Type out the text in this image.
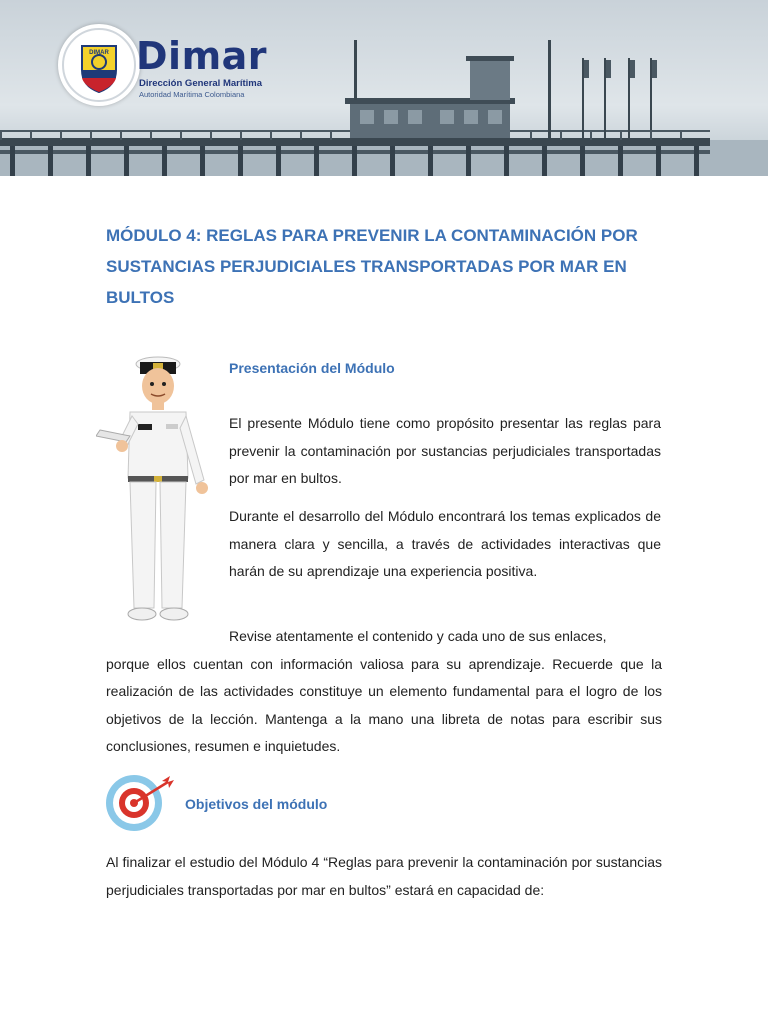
DIMAR Dimar
Dirección General Marítima
Autoridad Marítima Colombiana
MÓDULO 4: REGLAS PARA PREVENIR LA CONTAMINACIÓN POR SUSTANCIAS PERJUDICIALES TRANSPORTADAS POR MAR EN BULTOS
Presentación del Módulo

El presente Módulo tiene como propósito presentar las reglas para prevenir la contaminación por sustancias perjudiciales transportadas por mar en bultos.

Durante el desarrollo del Módulo encontrará los temas explicados de manera clara y sencilla, a través de actividades interactivas que harán de su aprendizaje una experiencia positiva.

Revise atentamente el contenido y cada uno de sus enlaces,

porque ellos cuentan con información valiosa para su aprendizaje. Recuerde que la realización de las actividades constituye un elemento fundamental para el logro de los objetivos de la lección. Mantenga a la mano una libreta de notas para escribir sus conclusiones, resumen e inquietudes.

Objetivos del módulo

Al finalizar el estudio del Módulo 4 “Reglas para prevenir la contaminación por sustancias perjudiciales transportadas por mar en bultos” estará en capacidad de:
